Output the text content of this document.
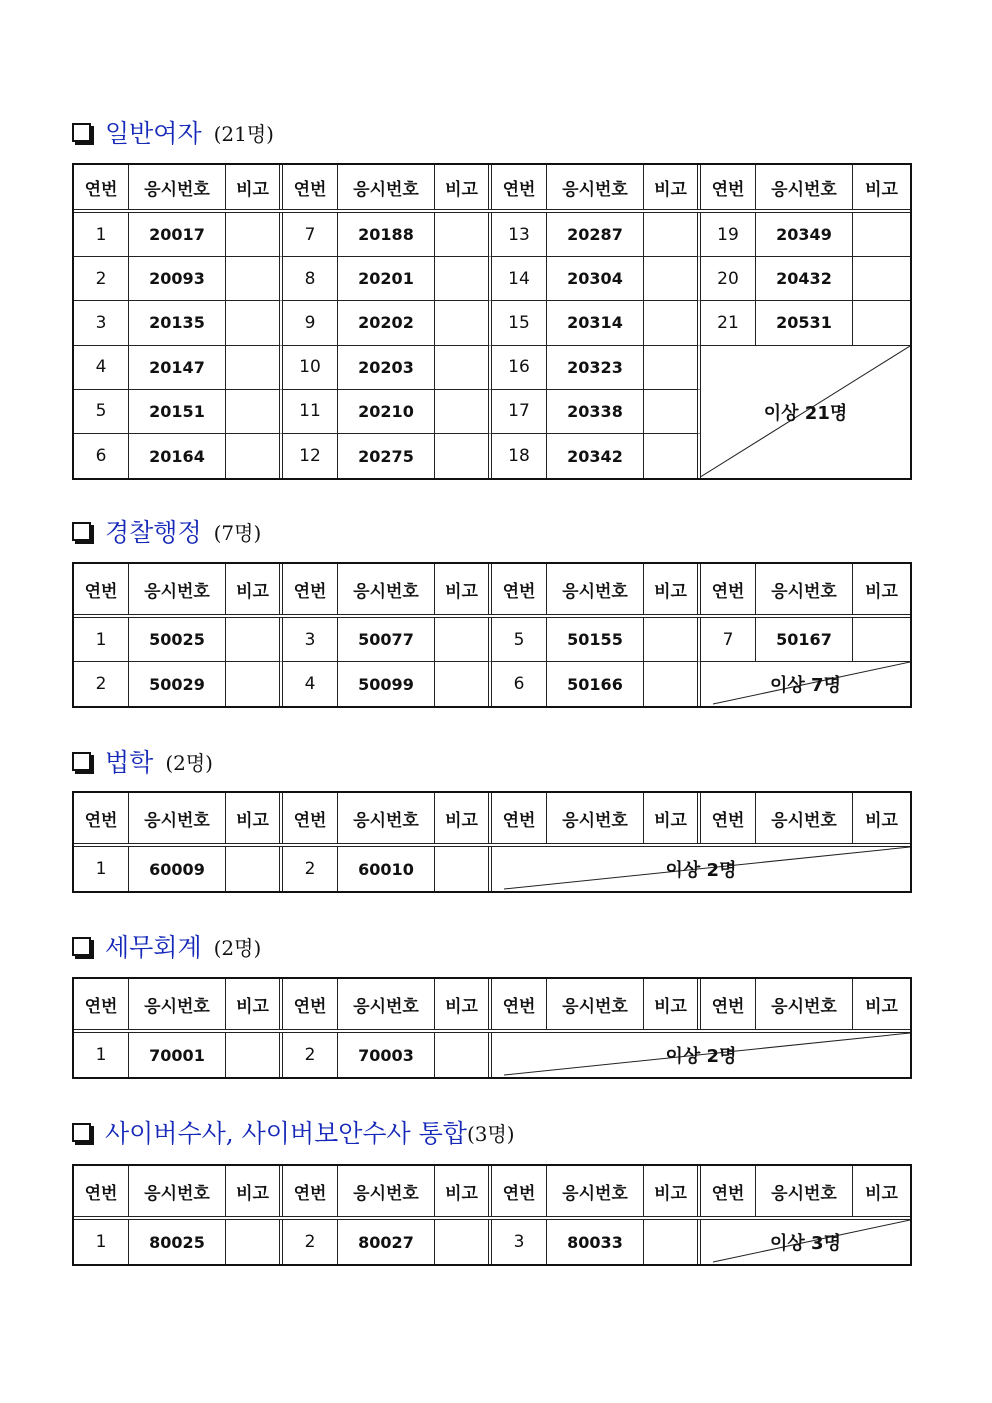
일반여자 (21명)
연번	응시번호	비고	연번	응시번호	비고	연번	응시번호	비고	연번	응시번호	비고
1	20017	7	20188	13	20287	19	20349
2	20093	8	20201	14	20304	20	20432
3	20135	9	20202	15	20314	21	20531
4	20147	10	20203	16	20323
5	20151	11	20210	17	20338
6	20164	12	20275	18	20342
이상 21명
경찰행정 (7명)
연번	응시번호	비고	연번	응시번호	비고	연번	응시번호	비고	연번	응시번호	비고
1	50025	3	50077	5	50155	7	50167
2	50029	4	50099	6	50166	이상 7명
법학 (2명)
연번	응시번호	비고	연번	응시번호	비고	연번	응시번호	비고	연번	응시번호	비고
1	60009	2	60010	이상 2명
세무회계 (2명)
연번	응시번호	비고	연번	응시번호	비고	연번	응시번호	비고	연번	응시번호	비고
1	70001	2	70003	이상 2명
사이버수사, 사이버보안수사 통합 (3명)
연번	응시번호	비고	연번	응시번호	비고	연번	응시번호	비고	연번	응시번호	비고
1	80025	2	80027	3	80033	이상 3명
